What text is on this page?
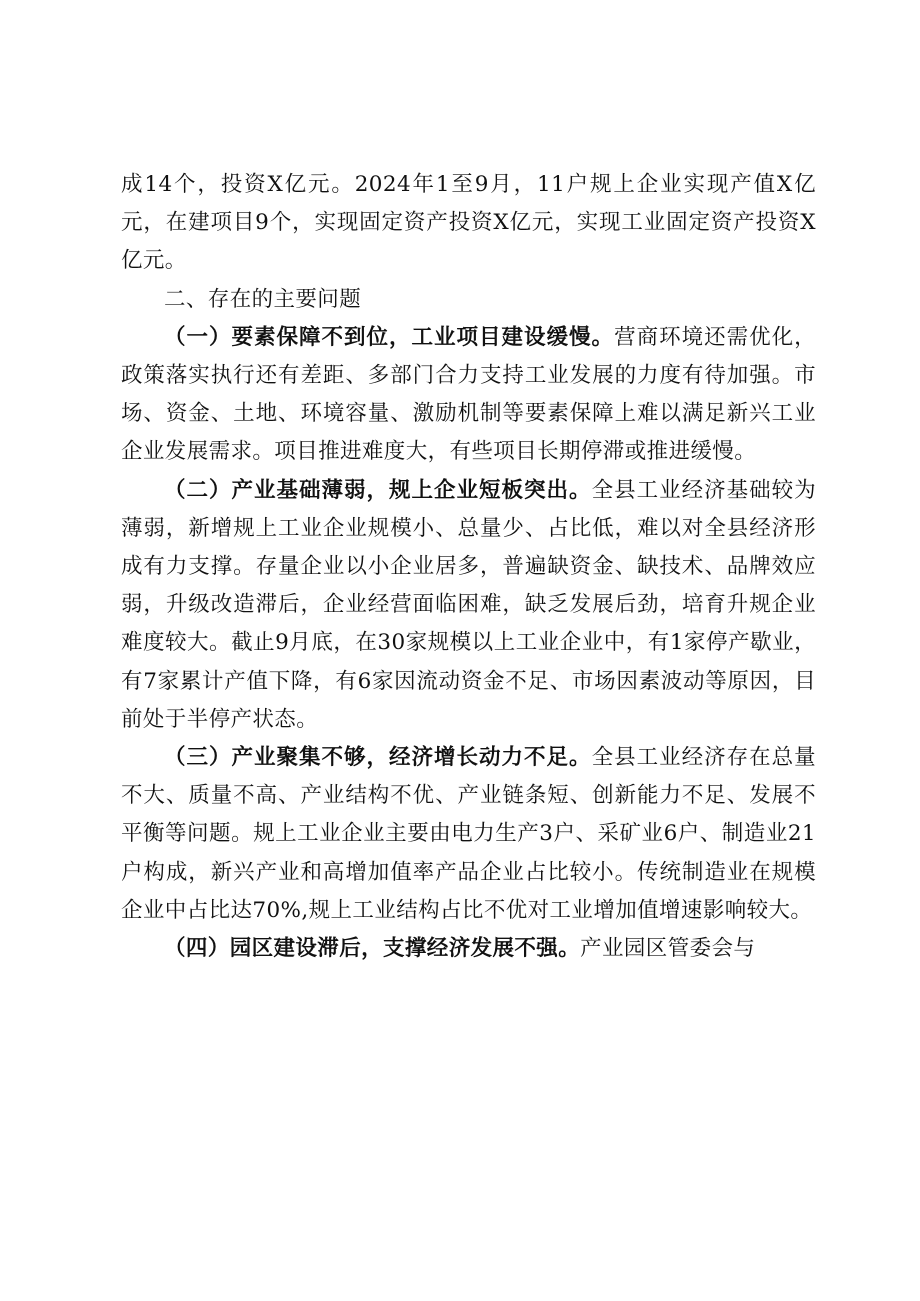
成14个，投资X亿元。2024年1至9月，11户规上企业实现产值X亿元，在建项目9个，实现固定资产投资X亿元，实现工业固定资产投资X亿元。

二、存在的主要问题

（一）要素保障不到位，工业项目建设缓慢。营商环境还需优化，政策落实执行还有差距、多部门合力支持工业发展的力度有待加强。市场、资金、土地、环境容量、激励机制等要素保障上难以满足新兴工业企业发展需求。项目推进难度大，有些项目长期停滞或推进缓慢。

（二）产业基础薄弱，规上企业短板突出。全县工业经济基础较为薄弱，新增规上工业企业规模小、总量少、占比低，难以对全县经济形成有力支撑。存量企业以小企业居多，普遍缺资金、缺技术、品牌效应弱，升级改造滞后，企业经营面临困难，缺乏发展后劲，培育升规企业难度较大。截止9月底，在30家规模以上工业企业中，有1家停产歇业，有7家累计产值下降，有6家因流动资金不足、市场因素波动等原因，目前处于半停产状态。

（三）产业聚集不够，经济增长动力不足。全县工业经济存在总量不大、质量不高、产业结构不优、产业链条短、创新能力不足、发展不平衡等问题。规上工业企业主要由电力生产3户、采矿业6户、制造业21户构成，新兴产业和高增加值率产品企业占比较小。传统制造业在规模企业中占比达70%,规上工业结构占比不优对工业增加值增速影响较大。

（四）园区建设滞后，支撑经济发展不强。产业园区管委会与
